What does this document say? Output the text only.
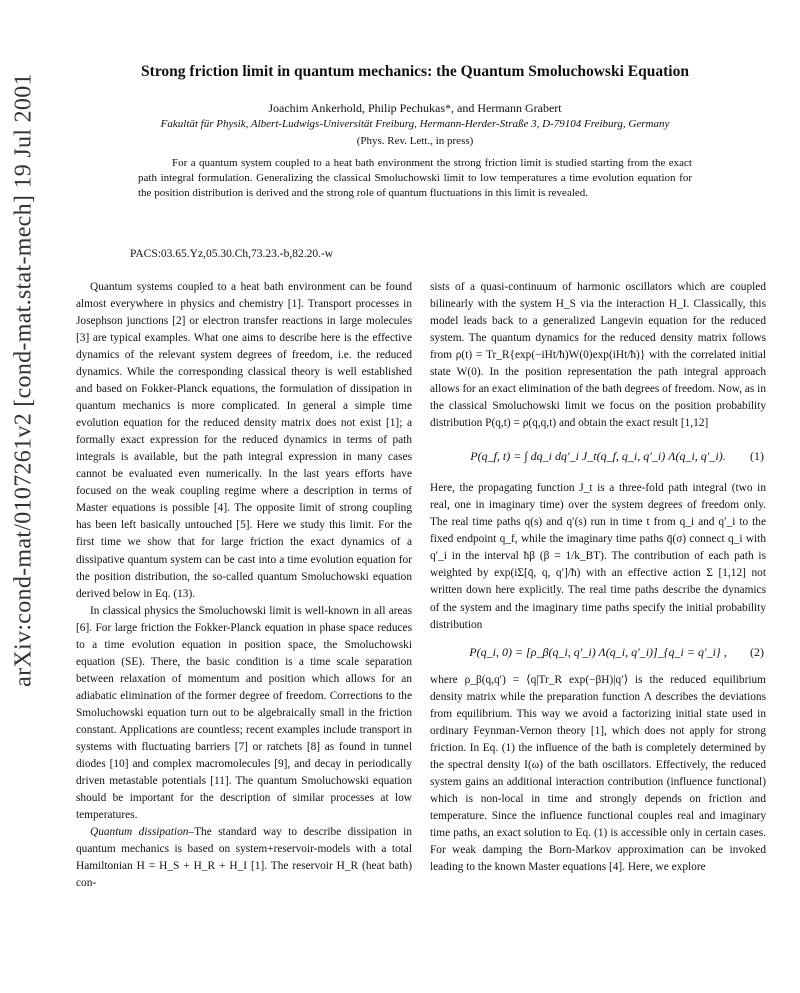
arXiv:cond-mat/0107261v2 [cond-mat.stat-mech] 19 Jul 2001
Strong friction limit in quantum mechanics: the Quantum Smoluchowski Equation
Joachim Ankerhold, Philip Pechukas*, and Hermann Grabert
Fakultät für Physik, Albert-Ludwigs-Universität Freiburg, Hermann-Herder-Straße 3, D-79104 Freiburg, Germany
(Phys. Rev. Lett., in press)
For a quantum system coupled to a heat bath environment the strong friction limit is studied starting from the exact path integral formulation. Generalizing the classical Smoluchowski limit to low temperatures a time evolution equation for the position distribution is derived and the strong role of quantum fluctuations in this limit is revealed.
PACS:03.65.Yz,05.30.Ch,73.23.-b,82.20.-w

Quantum systems coupled to a heat bath environment can be found almost everywhere in physics and chemistry [1]. Transport processes in Josephson junctions [2] or electron transfer reactions in large molecules [3] are typical examples. What one aims to describe here is the effective dynamics of the relevant system degrees of freedom, i.e. the reduced dynamics. While the corresponding classical theory is well established and based on Fokker-Planck equations, the formulation of dissipation in quantum mechanics is more complicated. In general a simple time evolution equation for the reduced density matrix does not exist [1]; a formally exact expression for the reduced dynamics in terms of path integrals is available, but the path integral expression in many cases cannot be evaluated even numerically. In the last years efforts have focused on the weak coupling regime where a description in terms of Master equations is possible [4]. The opposite limit of strong coupling has been left basically untouched [5]. Here we study this limit. For the first time we show that for large friction the exact dynamics of a dissipative quantum system can be cast into a time evolution equation for the position distribution, the so-called quantum Smoluchowski equation derived below in Eq. (13).

In classical physics the Smoluchowski limit is well-known in all areas [6]. For large friction the Fokker-Planck equation in phase space reduces to a time evolution equation in position space, the Smoluchowski equation (SE). There, the basic condition is a time scale separation between relaxation of momentum and position which allows for an adiabatic elimination of the former degree of freedom. Corrections to the Smoluchowski equation turn out to be algebraically small in the friction constant. Applications are countless; recent examples include transport in systems with fluctuating barriers [7] or ratchets [8] as found in tunnel diodes [10] and complex macromolecules [9], and decay in periodically driven metastable potentials [11]. The quantum Smoluchowski equation should be important for the description of similar processes at low temperatures.

Quantum dissipation–The standard way to describe dissipation in quantum mechanics is based on system+reservoir-models with a total Hamiltonian H = H_S + H_R + H_I [1]. The reservoir H_R (heat bath) con-

sists of a quasi-continuum of harmonic oscillators which are coupled bilinearly with the system H_S via the interaction H_I. Classically, this model leads back to a generalized Langevin equation for the reduced system. The quantum dynamics for the reduced density matrix follows from ρ(t) = Tr_R{exp(−iHt/ħ)W(0)exp(iHt/ħ)} with the correlated initial state W(0). In the position representation the path integral approach allows for an exact elimination of the bath degrees of freedom. Now, as in the classical Smoluchowski limit we focus on the position probability distribution P(q,t) = ρ(q,q,t) and obtain the exact result [1,12]

P(q_f, t) = ∫ dq_i dq′_i J_t(q_f, q_i, q′_i) Λ(q_i, q′_i). (1)

Here, the propagating function J_t is a three-fold path integral (two in real, one in imaginary time) over the system degrees of freedom only. The real time paths q(s) and q′(s) run in time t from q_i and q′_i to the fixed endpoint q_f, while the imaginary time paths q̄(σ) connect q_i with q′_i in the interval ħβ (β = 1/k_BT). The contribution of each path is weighted by exp(iΣ[q̄, q, q′]/ħ) with an effective action Σ [1,12] not written down here explicitly. The real time paths describe the dynamics of the system and the imaginary time paths specify the initial probability distribution

P(q_i, 0) = [ρ_β(q_i, q′_i) Λ(q_i, q′_i)]_{q_i = q′_i} , (2)

where ρ_β(q,q′) = ⟨q|Tr_R exp(−βH)|q′⟩ is the reduced equilibrium density matrix while the preparation function Λ describes the deviations from equilibrium. This way we avoid a factorizing initial state used in ordinary Feynman-Vernon theory [1], which does not apply for strong friction. In Eq. (1) the influence of the bath is completely determined by the spectral density I(ω) of the bath oscillators. Effectively, the reduced system gains an additional interaction contribution (influence functional) which is non-local in time and strongly depends on friction and temperature. Since the influence functional couples real and imaginary time paths, an exact solution to Eq. (1) is accessible only in certain cases. For weak damping the Born-Markov approximation can be invoked leading to the known Master equations [4]. Here, we explore
